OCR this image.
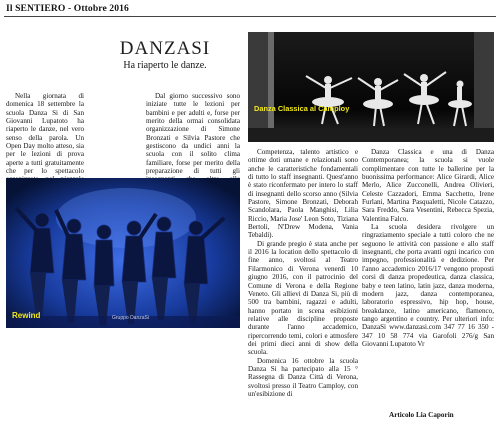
Il SENTIERO - Ottobre 2016
DANZASI
Ha riaperto le danze.

Nella giornata di domenica 18 settembre la scuola Danza Si di San Giovanni Lupatoto ha riaperto le danze, nel vero senso della parola. Un Open Day molto atteso, sia per le lezioni di prova aperte a tutti gratuitamente che per lo spettacolo

Dal giorno successivo sono iniziate tutte le lezioni per bambini e per adulti e, forse per merito della ormai consolidata organizzazione di Simone Bronzati e Silvia Pastore che gestiscono da undici anni la scuola con il solito clima familiare, forse per merito della preparazione di tutti gli

Competenza, talento artistico e ottime doti umane e relazionali sono anche le caratteristiche fondamentali di tutto lo staff insegnanti. Quest'anno è stato riconfermato per intero lo staff di insegnanti dello scorso anno (Silvia Pastore, Simone Bronzati, Deborah Scandolara, Paola Manghisi, Lilia Riccio, Maria Jose' Leon Soto, Tiziana Bertoli, N'Drew Modena, Vania Tebaldi).

Di grande pregio è stata anche per il 2016 la location dello spettacolo di fine anno, svoltosi al Teatro Filarmonico di Verona venerdì 10 giugno 2016, con il patrocinio del Comune di Verona e della Regione Veneto. Gli allievi di Danza Si, più di 500 tra bambini, ragazzi e adulti, hanno portato in scena esibizioni relative alle discipline proposte durante l'anno accademico, ripercorrendo temi, colori e atmosfere dei primi dieci anni di show della scuola.

Domenica 16 ottobre la scuola Danza Si ha partecipato alla 15 ° Rassegna di Danza Città di Verona, svoltosi presso il Teatro Camploy, con un'esibizione di

Danza Classica e una di Danza Contemporanea; la scuola si vuole complimentare con tutte le ballerine per la buonissima performance: Alice Girardi, Alice Merlo, Alice Zucconelli, Andrea Olivieri, Celeste Cazzadori, Emma Sacchetto, Irene Furlani, Martina Pasqualetti, Nicole Catazzo, Sara Freddo, Sara Vesentini, Rebecca Spezia, Valentina Falco.

La scuola desidera rivolgere un ringraziamento speciale a tutti coloro che ne seguono le attività con passione e allo staff insegnanti, che porta avanti ogni incarico con impegno, professionalità e dedizione. Per l'anno accademico 2016/17 vengono proposti corsi di danza propedeutica, danza classica, baby e teen latino, latin jazz, danza moderna, modern jazz, danza contemporanea, laboratorio espressivo, hip hop, house, breakdance, latino americano, flamenco, tango argentino e country. Per ulteriori info: DanzaSi www.danzasi.com 347 77 16 350 - 347 10 58 774 via Garofoli 276/g San Giovanni Lupatoto Vr

Articolo Lia Caporin
Rewind	Gruppo DanzaSi
Danza Classica al Camploy
